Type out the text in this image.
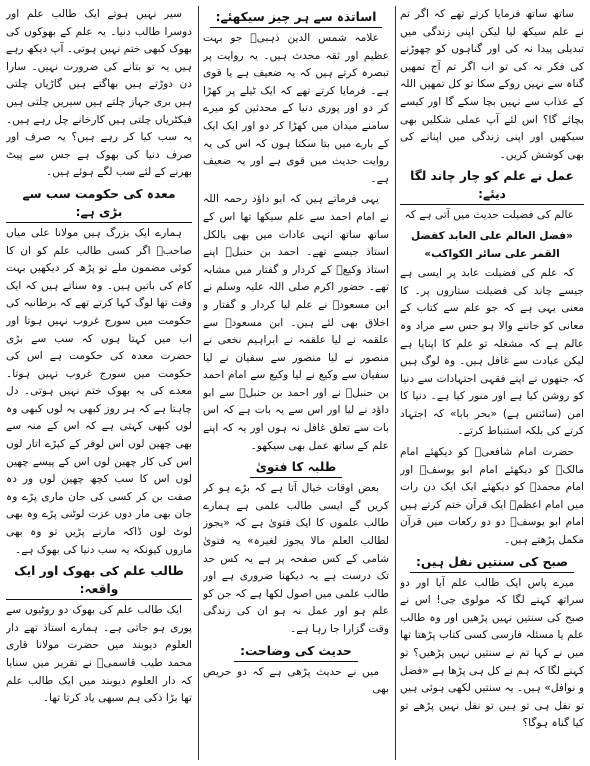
ساتھ ساتھ فرمایا کرتے تھے کہ اگر تم نے علم سیکھ لیا لیکن اپنی زندگی میں تبدیلی پیدا نہ کی اور گناہوں کو چھوڑنے کی فکر نہ کی تو اب اگر تم آج تمھیں گناہ سے نہیں روکے سکا تو کل تمھیں اللہ کے عذاب سے نہیں بچا سکے گا اور کیسے بچائے گا؟ اس لئے آپ عملی شکلیں بھی سیکھیں اور اپنی زندگی میں اپنانے کی بھی کوشش کریں۔

عمل نے علم کو چار چاند لگا دیئے:

عالم کی فضیلت حدیث میں آتی ہے کہ

«فضل العالم على العابد كفضل القمر على سائر الكواكب»

کہ علم کی فضیلت عابد پر ایسی ہے جیسے چاند کی فضیلت ستاروں پر۔ کا معنی یہی ہے کہ جو علم سے کتاب کے معانی کو جاننے والا ہو جس سے مراد وہ عالم ہے کہ مشغلہ تو علم کا اپنایا ہے لیکن عبادت سے غافل ہیں۔ وہ لوگ ہیں کہ جنھوں نے اپنے فقہی اجتہادات سے دنیا کو روشن کیا ہے اور منور کیا ہے۔ دنیا کا امن (سائنس ہے) «بحر بابا» کہ اجتہاد کرتے کی بلکہ استنباط کرتے۔

حضرت امام شافعیؒ کو دیکھئے امام مالکؒ کو دیکھئے امام ابو یوسفؒ اور امام محمدؒ کو دیکھئے ایک ایک دن رات میں امام اعظمؒ ایک قرآن ختم کرتے ہیں امام ابو یوسفؒ دو دو رکعات میں قرآن مکمل پڑھتے ہیں۔

صبح کی سنتیں نفل ہیں:

میرے پاس ایک طالب علم آیا اور دو سراتھ کہنے لگا کہ مولوی جی! اس نے صبح کی سنتیں نہیں پڑھیں اور وہ طالب علم یا مسئلہ فارسی کسی کتاب پڑھتا تھا میں نے کہا تم نے سنتیں نہیں پڑھیں؟ تو کہنے لگا کہ ہم نے کل ہی پڑھا ہے «فضل و نوافل» ہیں۔ یہ سنتیں لکھی ہوئی ہیں تو نفل ہی تو ہیں تو نفل نہیں پڑھے تو کیا گناہ ہوگا؟

اساتذہ سے ہر چیز سیکھئے:

علامہ شمس الدین ذہبیؒ جو بہت عظیم اور ثقہ محدث ہیں۔ یہ روایت پر تبصرہ کرتے ہیں کہ یہ ضعیف ہے یا قوی ہے۔ فرمایا کرتے تھے کہ ایک ٹیلے پر کھڑا کر دو اور پوری دنیا کے محدثین کو میرے سامنے میدان میں کھڑا کر دو اور ایک ایک کے بارے میں بتا سکتا ہوں کہ اس کی یہ روایت حدیث میں قوی ہے اور یہ ضعیف ہے۔

یہی فرماتے ہیں کہ ابو داؤد رحمہ اللہ نے امام احمد سے علم سیکھا تھا اس کے ساتھ ساتھ انہی عادات میں بھی بالکل استاذ جیسے تھے۔ احمد بن حنبلؒ اپنے استاذ وکیعؒ کے کردار و گفتار میں مشابہ تھے۔ حضور اکرم صلی اللہ علیہ وسلم نے ابن مسعودؓ نے علم لیا کردار و گفتار و اخلاق بھی لئے ہیں۔ ابن مسعودؓ سے علقمہ نے لیا علقمہ نے ابراہیم نخعی نے منصور نے لیا منصور سے سفیان نے لیا سفیان سے وکیع نے لیا وکیع سے امام احمد بن حنبلؒ نے اور احمد بن حنبلؒ سے ابو داؤد نے لیا اور اس سے یہ بات ہے کہ اس بات سے تعلق غافل نہ ہوں اور یہ کہ اپنے علم کے ساتھ عمل بھی سیکھو۔

طلبہ کا فتویٰ

بعض اوقات خیال آتا ہے کہ بڑے ہو کر کریں گے ایسی طالب علمی ہے ہمارے طالب علموں کا ایک فتویٰ ہے کہ «یجوز لطالب العلم مالا یجوز لغیرہ» یہ فتویٰ شامی کے کس صفحہ پر ہے یہ کس حد تک درست ہے یہ دیکھنا ضروری ہے اور طالب علمی میں اصول لکھا ہے کہ جن کو علم ہو اور عمل نہ ہو ان کی زندگی وقت گزارا جا رہا ہے۔

حدیث کی وضاحت:

میں نے حدیث پڑھی ہے کہ دو حریص بھی

سیر نہیں ہوتے ایک طالب علم اور دوسرا طالب دنیا۔ یہ علم کے بھوکوں کی بھوک کبھی ختم نہیں ہوتی۔ آپ دیکھ رہے ہیں یہ تو بتانے کی ضرورت نہیں۔ سارا دن دوڑتے ہیں بھاگتے ہیں گاڑیاں چلتی ہیں بری جہاز چلتے ہیں سیریں چلتی ہیں فیکٹریاں چلتی ہیں کارخانے چل رہے ہیں۔ یہ سب کیا کر رہے ہیں؟ یہ صرف اور صرف دنیا کی بھوک ہے جس سے پیٹ بھرنے کے لئے سب لگے ہوئے ہیں۔

معدہ کی حکومت سب سے بڑی ہے:

ہمارے ایک بزرگ ہیں مولانا علی میاں صاحبؒ اگر کسی طالب علم کو ان کا کوئی مضمون ملے تو پڑھ کر دیکھیں بہت کام کی باتیں ہیں۔ وہ سناتے ہیں کہ ایک وقت تھا لوگ کہا کرتے تھے کہ برطانیہ کی حکومت میں سورج غروب نہیں ہوتا اور اب میں کہتا ہوں کہ سب سے بڑی حضرت معدہ کی حکومت ہے اس کی حکومت میں سورج غروب نہیں ہوتا۔ معدے کی یہ بھوک ختم نہیں ہوتی۔ دل چاہتا ہے کہ ہر روز کبھی یہ لوں کبھی وہ لوں کبھی کہتی ہے کہ اس کے منہ سے بھی چھین لوں اس لوفر کے کپڑے اتار لوں اس کی کار چھین لوں اس کے پیسے چھین لوں اس کا سب کچھ چھین لوں ور دہ صفت بن کر کسی کی جان ماری پڑے وہ جان بھی مار دوں عزت لوٹنی پڑے وہ بھی لوٹ لوں ڈاکہ مارنے پڑیں تو وہ بھی ماروں کیونکہ یہ سب دنیا کی بھوک ہے۔

طالب علم کی بھوک اور ایک واقعہ:

ایک طالب علم کی بھوک دو روٹیوں سے پوری ہو جاتی ہے۔ ہمارے استاذ تھے دار العلوم دیوبند میں حضرت مولانا قاری محمد طیب قاسمیؒ نے تقریر میں سنایا کہ دار العلوم دیوبند میں ایک طالب علم تھا بڑا ذکی ہم سبھی یاد کرتا تھا۔
